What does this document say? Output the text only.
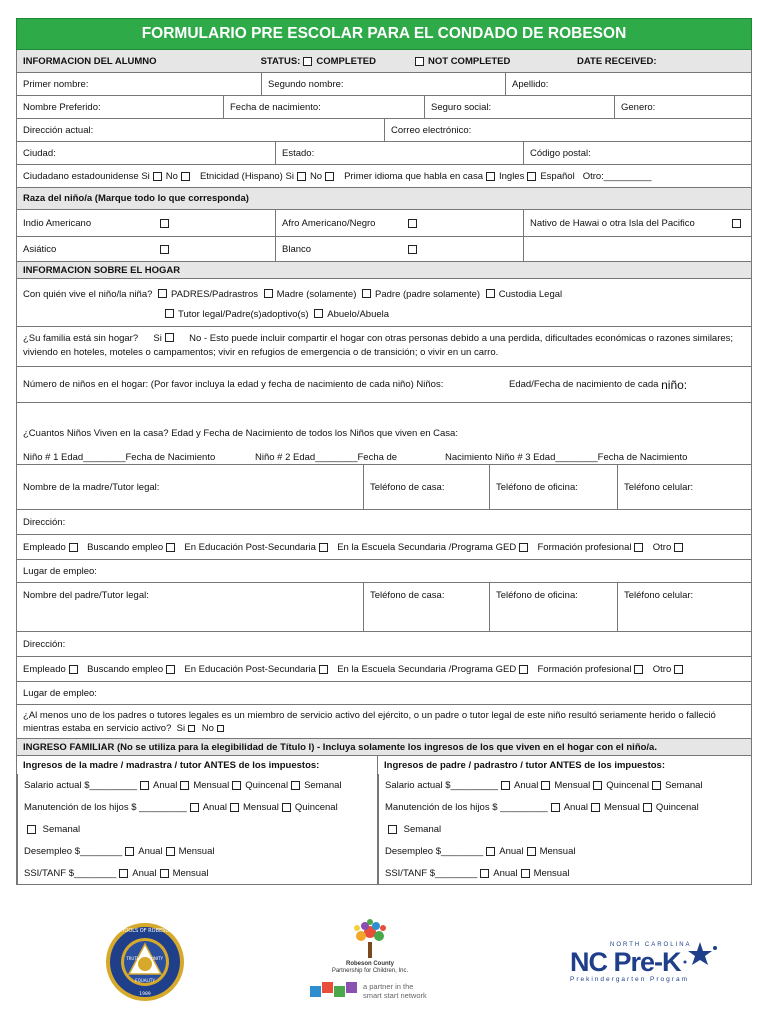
FORMULARIO PRE ESCOLAR PARA EL CONDADO DE ROBESON
INFORMACION DEL ALUMNO	STATUS: COMPLETED	NOT COMPLETED	DATE RECEIVED:
Primer nombre:	Segundo nombre:	Apellido:
Nombre Preferido:	Fecha de nacimiento:	Seguro social:	Genero:
Dirección actual:	Correo electrónico:
Ciudad:	Estado:	Código postal:
Ciudadano estadounidense
Si No Etnicidad (Hispano)
Si No Primer idioma que habla en casa Ingles Español Otro:_________
Raza del niño/a (Marque todo lo que corresponda)
Indio Americano	Afro Americano/Negro	Nativo de Hawai o otra Isla del Pacifico
Asiático	Blanco
INFORMACION SOBRE EL HOGAR
Con quién vive el niño/la niña? PADRES/Padrastros Madre (solamente) Padre (padre solamente) Custodia Legal
Tutor legal/Padre(s)adoptivo(s) Abuelo/Abuela
¿Su familia está sin hogar? Si	No - Esto puede incluir compartir el hogar con otras personas debido a una perdida, dificultades económicas o razones similares; viviendo en hoteles, moteles o campamentos; vivir en refugios de emergencia o de transición; o vivir en un carro.
Número de niños en el hogar: (Por favor incluya la edad y fecha de nacimiento de cada niño) Niños:	Edad/Fecha de nacimiento de cada
niño:
¿Cuantos Niños Viven en la casa? Edad y Fecha de Nacimiento de todos los Niños que viven en Casa:
Niño # 1 Edad________Fecha de Nacimiento	Niño # 2 Edad________Fecha de	Nacimiento Niño # 3 Edad________Fecha de Nacimiento
Nombre de la madre/Tutor legal:	Teléfono de casa:	Teléfono de oficina:	Teléfono celular:
Dirección:
Empleado
Buscando empleo
En Educación Post-Secundaria
En la Escuela Secundaria /Programa GED
Formación profesional
Otro
Lugar de empleo:
Nombre del padre/Tutor legal:	Teléfono de casa:	Teléfono de oficina:	Teléfono celular:
Dirección:
Empleado
Buscando empleo
En Educación Post-Secundaria
En la Escuela Secundaria /Programa GED
Formación profesional
Otro
Lugar de empleo:
¿Al menos uno de los padres o tutores legales es un miembro de servicio activo del ejército, o un padre o tutor legal de este niño resultó seriamente herido o falleció mientras estaba en servicio activo? Si No
INGRESO FAMILIAR (No se utiliza para la elegibilidad de Título I) - Incluya solamente los ingresos de los que viven en el hogar con el niño/a.
Ingresos de la madre / madrastra / tutor ANTES de los impuestos:
Salario actual $_________ Anual Mensual Quincenal Semanal
Manutención de los hijos $ _________ Anual Mensual Quincenal

Semanal
Desempleo $________ Anual Mensual
SSI/TANF $________ Anual Mensual
Ingresos de padre / padrastro / tutor ANTES de los impuestos:
Salario actual $_________ Anual Mensual Quincenal Semanal
Manutención de los hijos $ _________ Anual Mensual Quincenal

Semanal
Desempleo $________ Anual Mensual
SSI/TANF $________ Anual Mensual
PUBLIC SCHOOLS OF ROBESON COUNTY
TRUTH	UNITY
EQUALITY
1989
Robeson County
Partnership for Children, Inc.
a partner in the
smart start network
NORTH CAROLINA
NC Pre-K
Prekindergarten Program
